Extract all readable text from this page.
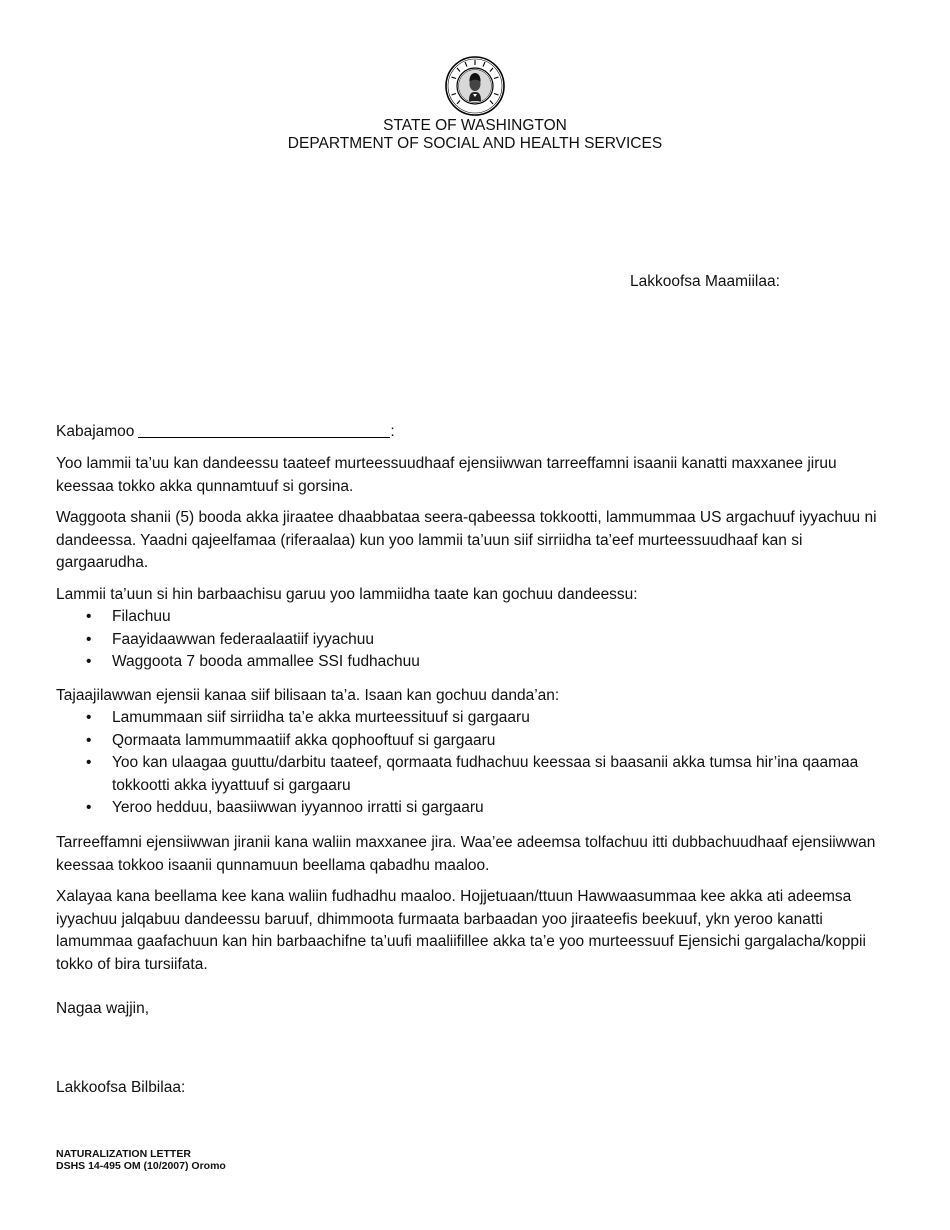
STATE OF WASHINGTON
DEPARTMENT OF SOCIAL AND HEALTH SERVICES
Lakkoofsa Maamiilaa:
Kabajamoo	:
Yoo lammii ta’uu kan dandeessu taateef murteessuudhaaf ejensiiwwan tarreeffamni isaanii kanatti maxxanee jiruu keessaa tokko akka qunnamtuuf si gorsina.
Waggoota shanii (5) booda akka jiraatee dhaabbataa seera-qabeessa tokkootti, lammummaa US argachuuf iyyachuu ni dandeessa. Yaadni qajeelfamaa (riferaalaa) kun yoo lammii ta’uun siif sirriidha ta’eef murteessuudhaaf kan si gargaarudha.
Lammii ta’uun si hin barbaachisu garuu yoo lammiidha taate kan gochuu dandeessu:
• Filachuu
• Faayidaawwan federaalaatiif iyyachuu
• Waggoota 7 booda ammallee SSI fudhachuu
Tajaajilawwan ejensii kanaa siif bilisaan ta’a. Isaan kan gochuu danda’an:
• Lamummaan siif sirriidha ta’e akka murteessituuf si gargaaru
• Qormaata lammummaatiif akka qophooftuuf si gargaaru
• Yoo kan ulaagaa guuttu/darbitu taateef, qormaata fudhachuu keessaa si baasanii akka tumsa hir’ina qaamaa tokkootti akka iyyattuuf si gargaaru
• Yeroo hedduu, baasiiwwan iyyannoo irratti si gargaaru
Tarreeffamni ejensiiwwan jiranii kana waliin maxxanee jira. Waa’ee adeemsa tolfachuu itti dubbachuudhaaf ejensiiwwan keessaa tokkoo isaanii qunnamuun beellama qabadhu maaloo.
Xalayaa kana beellama kee kana waliin fudhadhu maaloo. Hojjetuaan/ttuun Hawwaasummaa kee akka ati adeemsa iyyachuu jalqabuu dandeessu baruuf, dhimmoota furmaata barbaadan yoo jiraateefis beekuuf, ykn yeroo kanatti lamummaa gaafachuun kan hin barbaachifne ta’uufi maaliifillee akka ta’e yoo murteessuuf Ejensichi gargalacha/koppii tokko of bira tursiifata.
Nagaa wajjin,
Lakkoofsa Bilbilaa:
NATURALIZATION LETTER
DSHS 14-495 OM (10/2007) Oromo
